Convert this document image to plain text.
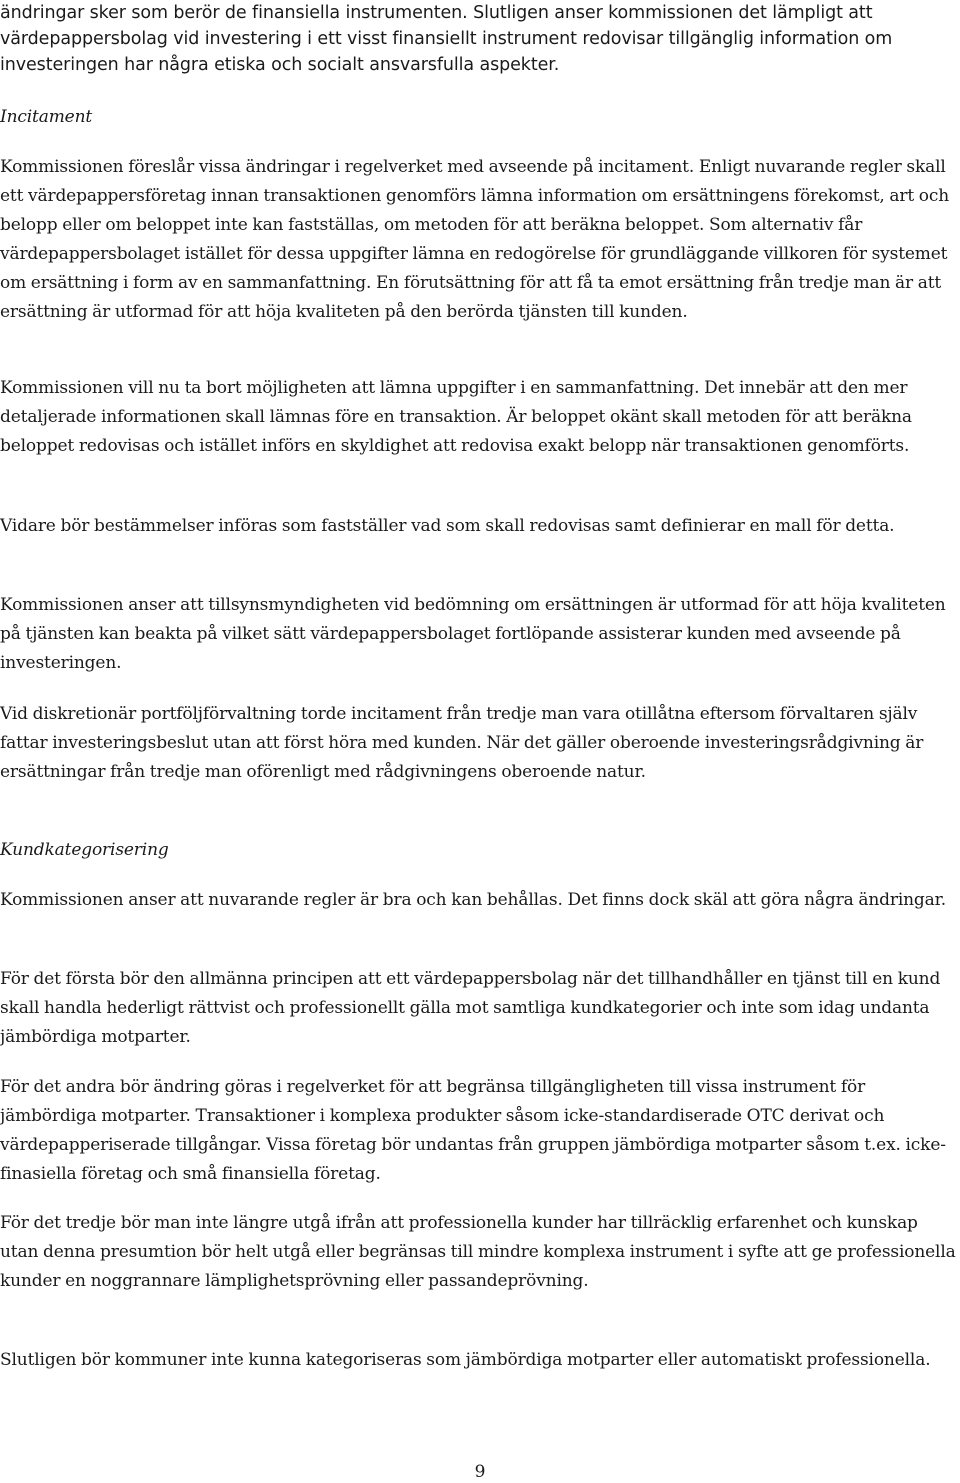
ändringar sker som berör de finansiella instrumenten. Slutligen anser kommissionen det lämpligt att värdepappersbolag vid investering i ett visst finansiellt instrument redovisar tillgänglig information om investeringen har några etiska och socialt ansvarsfulla aspekter.

Incitament

Kommissionen föreslår vissa ändringar i regelverket med avseende på incitament. Enligt nuvarande regler skall ett värdepappersföretag innan transaktionen genomförs lämna information om ersättningens förekomst, art och belopp eller om beloppet inte kan fastställas, om metoden för att beräkna beloppet. Som alternativ får värdepappersbolaget istället för dessa uppgifter lämna en redogörelse för grundläggande villkoren för systemet om ersättning i form av en sammanfattning. En förutsättning för att få ta emot ersättning från tredje man är att ersättning är utformad för att höja kvaliteten på den berörda tjänsten till kunden.

Kommissionen vill nu ta bort möjligheten att lämna uppgifter i en sammanfattning. Det innebär att den mer detaljerade informationen skall lämnas före en transaktion. Är beloppet okänt skall metoden för att beräkna beloppet redovisas och istället införs en skyldighet att redovisa exakt belopp när transaktionen genomförts.

Vidare bör bestämmelser införas som fastställer vad som skall redovisas samt definierar en mall för detta.

Kommissionen anser att tillsynsmyndigheten vid bedömning om ersättningen är utformad för att höja kvaliteten på tjänsten kan beakta på vilket sätt värdepappersbolaget fortlöpande assisterar kunden med avseende på investeringen.

Vid diskretionär portföljförvaltning torde incitament från tredje man vara otillåtna eftersom förvaltaren själv fattar investeringsbeslut utan att först höra med kunden. När det gäller oberoende investeringsrådgivning är ersättningar från tredje man oförenligt med rådgivningens oberoende natur.

Kundkategorisering

Kommissionen anser att nuvarande regler är bra och kan behållas. Det finns dock skäl att göra några ändringar.

För det första bör den allmänna principen att ett värdepappersbolag när det tillhandhåller en tjänst till en kund skall handla hederligt rättvist och professionellt gälla mot samtliga kundkategorier och inte som idag undanta jämbördiga motparter.

För det andra bör ändring göras i regelverket för att begränsa tillgängligheten till vissa instrument för jämbördiga motparter. Transaktioner i komplexa produkter såsom icke-standardiserade OTC derivat och värdepapperiserade tillgångar. Vissa företag bör undantas från gruppen jämbördiga motparter såsom t.ex. icke-finasiella företag och små finansiella företag.

För det tredje bör man inte längre utgå ifrån att professionella kunder har tillräcklig erfarenhet och kunskap utan denna presumtion bör helt utgå eller begränsas till mindre komplexa instrument i syfte att ge professionella kunder en noggrannare lämplighetsprövning eller passandeprövning.

Slutligen bör kommuner inte kunna kategoriseras som jämbördiga motparter eller automatiskt professionella.

9
